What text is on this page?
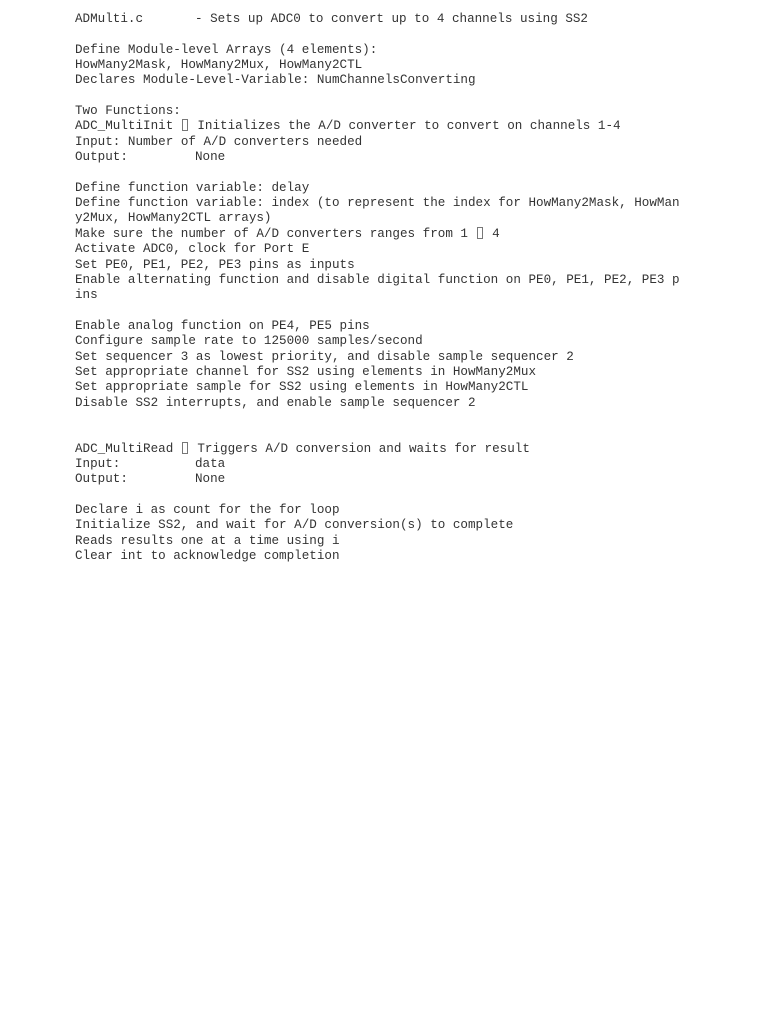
ADMulti.c	- Sets up ADC0 to convert up to 4 channels using SS2
Define Module-level Arrays (4 elements):
HowMany2Mask, HowMany2Mux, HowMany2CTL
Declares Module-Level-Variable: NumChannelsConverting
Two Functions:
ADC_MultiInit Initializes the A/D converter to convert on channels 1-4
Input: Number of A/D converters needed
Output:	None
Define function variable: delay
Define function variable: index (to represent the index for HowMany2Mask, HowMan
y2Mux, HowMany2CTL arrays)
Make sure the number of A/D converters ranges from 1  4
Activate ADC0, clock for Port E
Set PE0, PE1, PE2, PE3 pins as inputs
Enable alternating function and disable digital function on PE0, PE1, PE2, PE3 p
ins
Enable analog function on PE4, PE5 pins
Configure sample rate to 125000 samples/second
Set sequencer 3 as lowest priority, and disable sample sequencer 2
Set appropriate channel for SS2 using elements in HowMany2Mux
Set appropriate sample for SS2 using elements in HowMany2CTL
Disable SS2 interrupts, and enable sample sequencer 2
ADC_MultiRead Triggers A/D conversion and waits for result
Input:	data
Output:	None
Declare i as count for the for loop
Initialize SS2, and wait for A/D conversion(s) to complete
Reads results one at a time using i
Clear int to acknowledge completion
